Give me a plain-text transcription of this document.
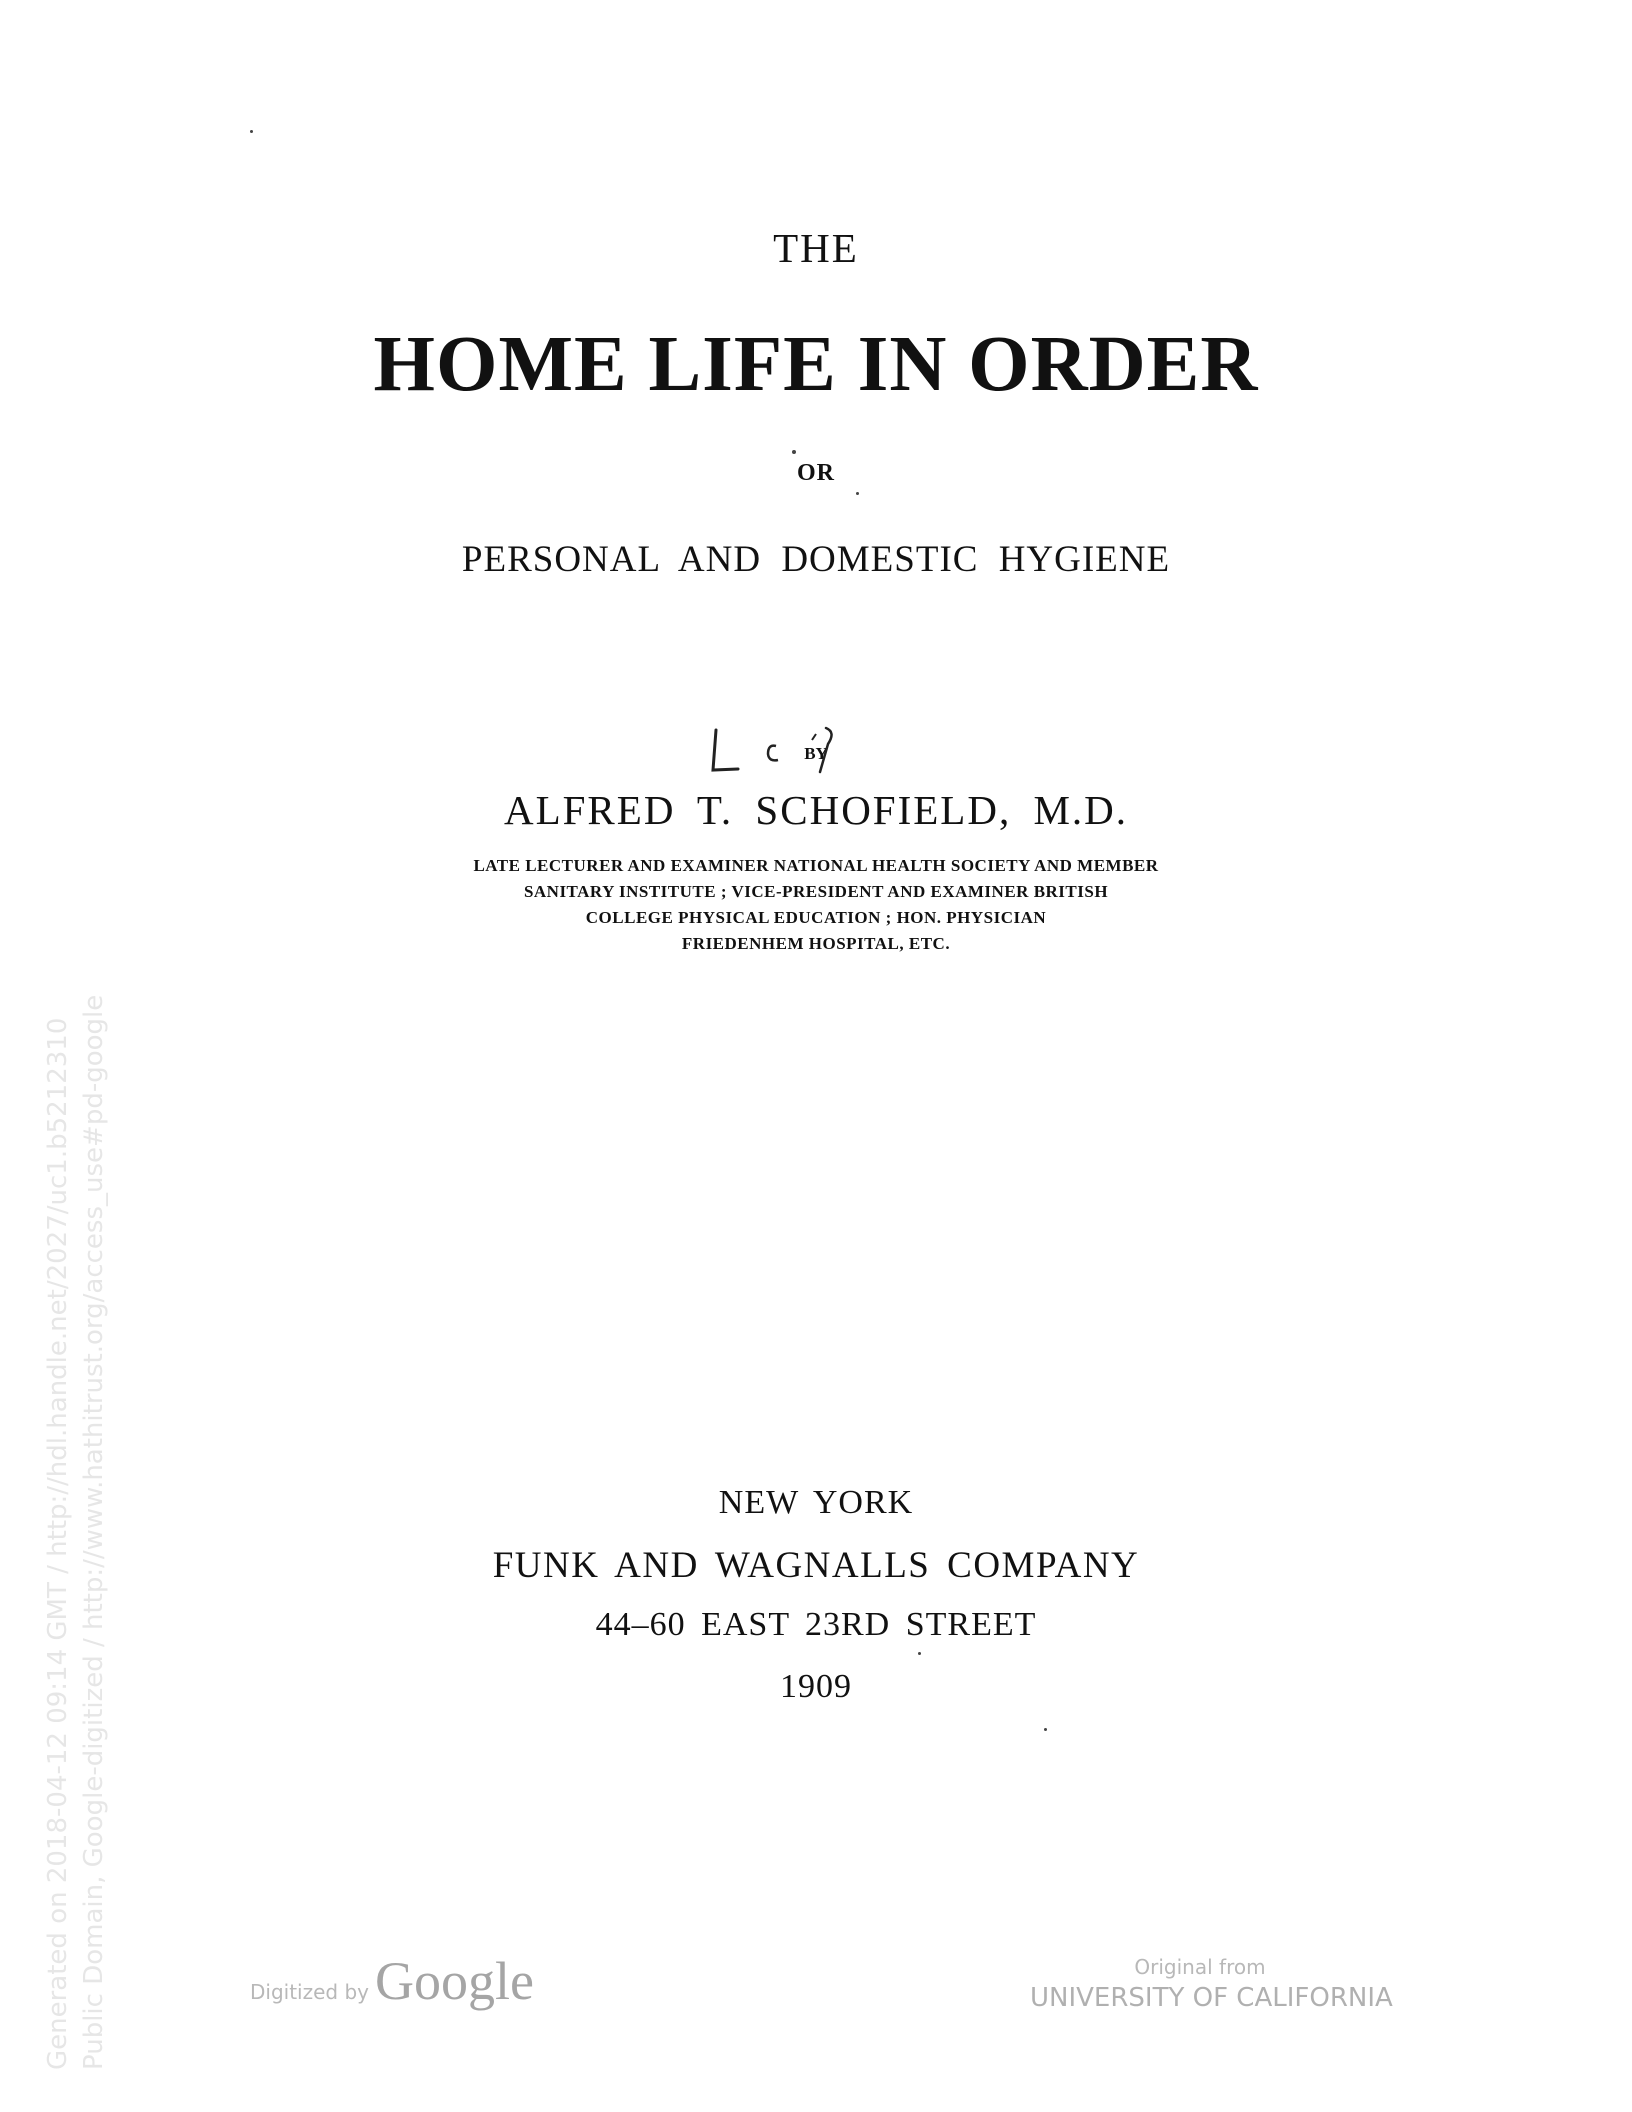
THE
HOME LIFE IN ORDER
OR
PERSONAL AND DOMESTIC HYGIENE
BY
ALFRED T. SCHOFIELD, M.D.
LATE LECTURER AND EXAMINER NATIONAL HEALTH SOCIETY AND MEMBER
SANITARY INSTITUTE ; VICE-PRESIDENT AND EXAMINER BRITISH
COLLEGE PHYSICAL EDUCATION ; HON. PHYSICIAN
FRIEDENHEM HOSPITAL, ETC.
NEW YORK
FUNK AND WAGNALLS COMPANY
44–60 EAST 23RD STREET
1909
Generated on 2018-04-12 09:14 GMT / http://hdl.handle.net/2027/uc1.b5212310 Public Domain, Google-digitized / http://www.hathitrust.org/access_use#pd-google	Digitized by Google	Original from
UNIVERSITY OF CALIFORNIA
